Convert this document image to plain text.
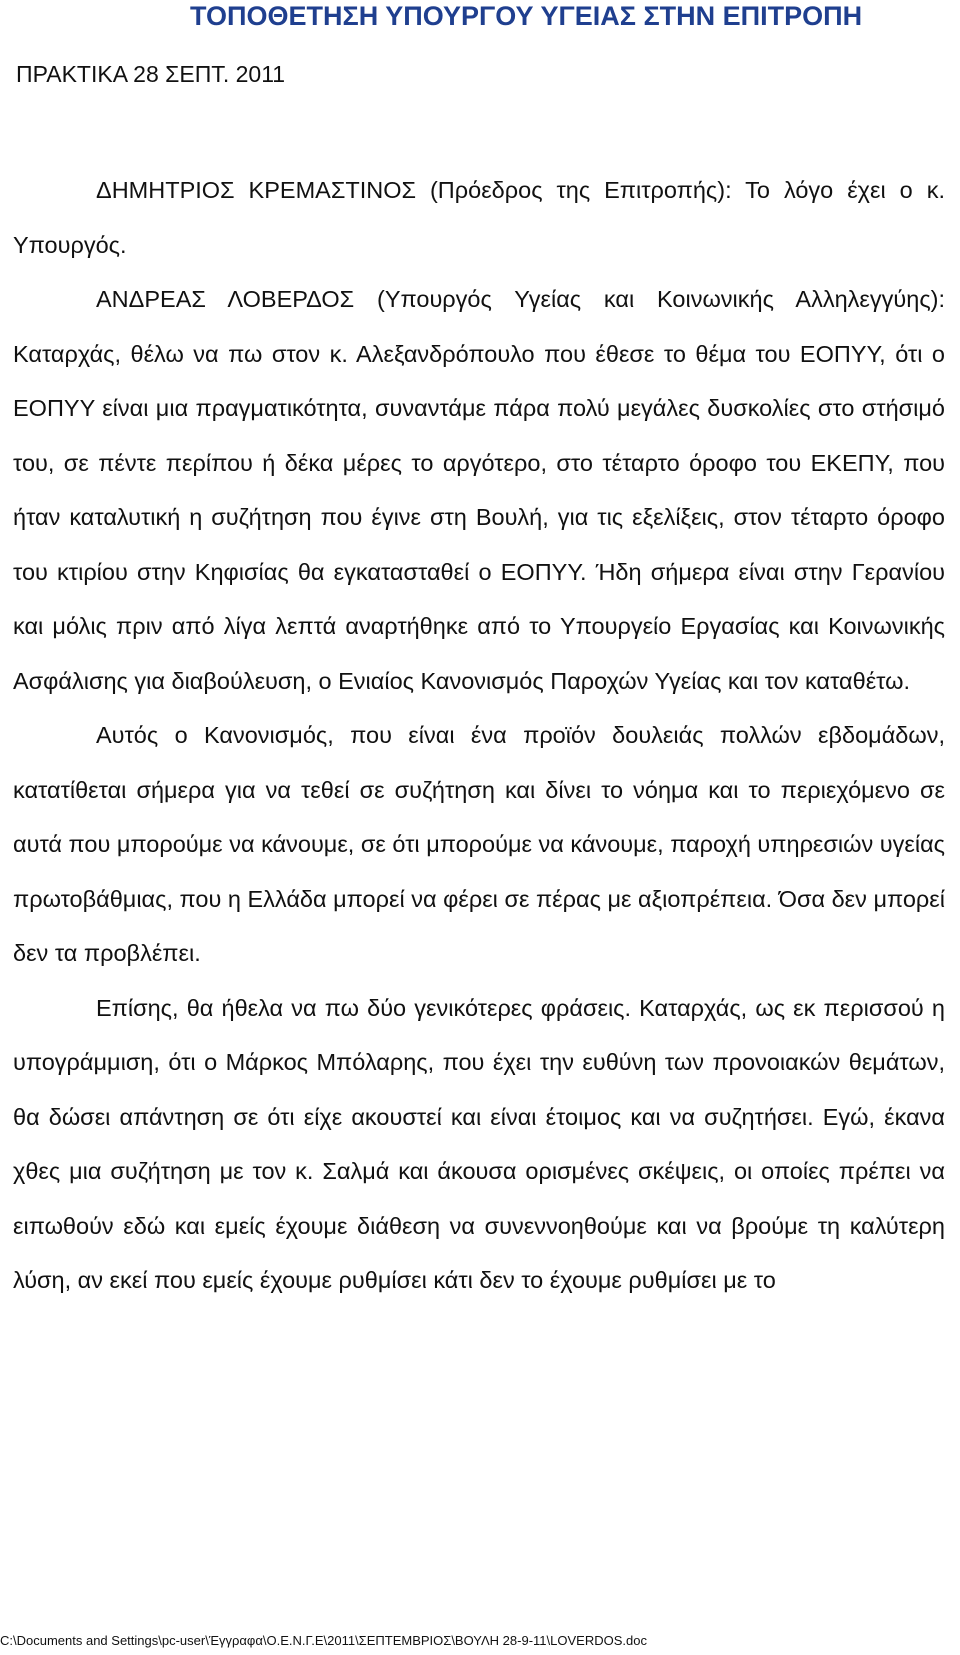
ΤΟΠΟΘΕΤΗΣΗ ΥΠΟΥΡΓΟΥ ΥΓΕΙΑΣ ΣΤΗΝ ΕΠΙΤΡΟΠΗ
ΠΡΑΚΤΙΚΑ 28 ΣΕΠΤ. 2011

ΔΗΜΗΤΡΙΟΣ ΚΡΕΜΑΣΤΙΝΟΣ (Πρόεδρος της Επιτροπής): Το λόγο έχει ο κ. Υπουργός.

ΑΝΔΡΕΑΣ ΛΟΒΕΡΔΟΣ (Υπουργός Υγείας και Κοινωνικής Αλληλεγγύης): Καταρχάς, θέλω να πω στον κ. Αλεξανδρόπουλο που έθεσε το θέμα του ΕΟΠΥΥ, ότι ο ΕΟΠΥΥ είναι μια πραγματικότητα, συναντάμε πάρα πολύ μεγάλες δυσκολίες στο στήσιμό του, σε πέντε περίπου ή δέκα μέρες το αργότερο, στο τέταρτο όροφο του ΕΚΕΠΥ, που ήταν καταλυτική η συζήτηση που έγινε στη Βουλή, για τις εξελίξεις, στον τέταρτο όροφο του κτιρίου στην Κηφισίας θα εγκατασταθεί ο ΕΟΠΥΥ. Ήδη σήμερα είναι στην Γερανίου και μόλις πριν από λίγα λεπτά αναρτήθηκε από το Υπουργείο Εργασίας και Κοινωνικής Ασφάλισης για διαβούλευση, ο Ενιαίος Κανονισμός Παροχών Υγείας και τον καταθέτω.

Αυτός ο Κανονισμός, που είναι ένα προϊόν δουλειάς πολλών εβδομάδων, κατατίθεται σήμερα για να τεθεί σε συζήτηση και δίνει το νόημα και το περιεχόμενο σε αυτά που μπορούμε να κάνουμε, σε ότι μπορούμε να κάνουμε, παροχή υπηρεσιών υγείας πρωτοβάθμιας, που η Ελλάδα μπορεί να φέρει σε πέρας με αξιοπρέπεια. Όσα δεν μπορεί δεν τα προβλέπει.

Επίσης, θα ήθελα να πω δύο γενικότερες φράσεις. Καταρχάς, ως εκ περισσού η υπογράμμιση, ότι ο Μάρκος Μπόλαρης, που έχει την ευθύνη των προνοιακών θεμάτων, θα δώσει απάντηση σε ότι είχε ακουστεί και είναι έτοιμος και να συζητήσει. Εγώ, έκανα χθες μια συζήτηση με τον κ. Σαλμά και άκουσα ορισμένες σκέψεις, οι οποίες πρέπει να ειπωθούν εδώ και εμείς έχουμε διάθεση να συνεννοηθούμε και να βρούμε τη καλύτερη λύση, αν εκεί που εμείς έχουμε ρυθμίσει κάτι δεν το έχουμε ρυθμίσει με το

C:\Documents and Settings\pc-user\Έγγραφα\Ο.Ε.Ν.Γ.Ε\2011\ΣΕΠΤΕΜΒΡΙΟΣ\ΒΟΥΛΗ 28-9-11\LOVERDOS.doc
